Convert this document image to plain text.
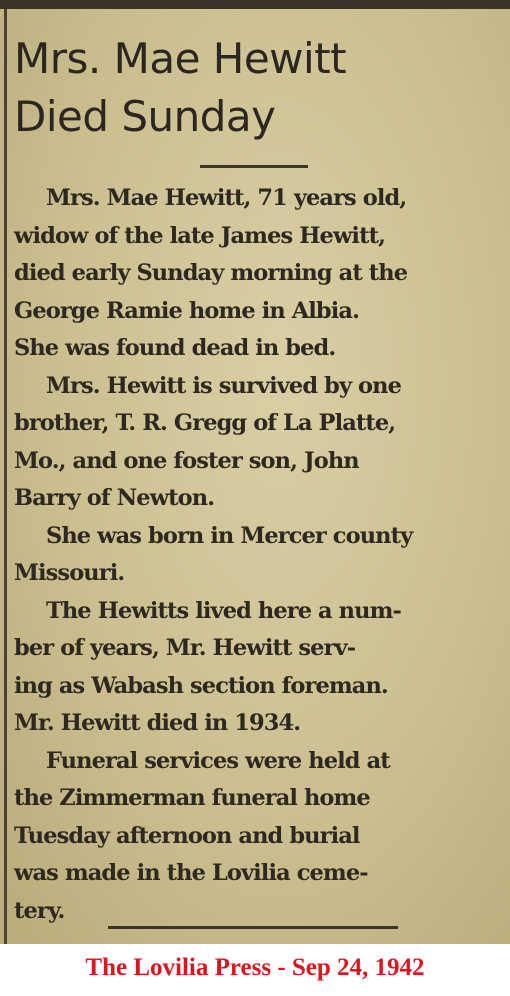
Mrs. Mae Hewitt
Died Sunday
Mrs. Mae Hewitt, 71 years old,
widow of the late James Hewitt,
died early Sunday morning at the
George Ramie home in Albia.
She was found dead in bed.
Mrs. Hewitt is survived by one
brother, T. R. Gregg of La Platte,
Mo., and one foster son, John
Barry of Newton.
She was born in Mercer county
Missouri.
The Hewitts lived here a num-
ber of years, Mr. Hewitt serv-
ing as Wabash section foreman.
Mr. Hewitt died in 1934.
Funeral services were held at
the Zimmerman funeral home
Tuesday afternoon and burial
was made in the Lovilia ceme-
tery.
The Lovilia Press - Sep 24, 1942
